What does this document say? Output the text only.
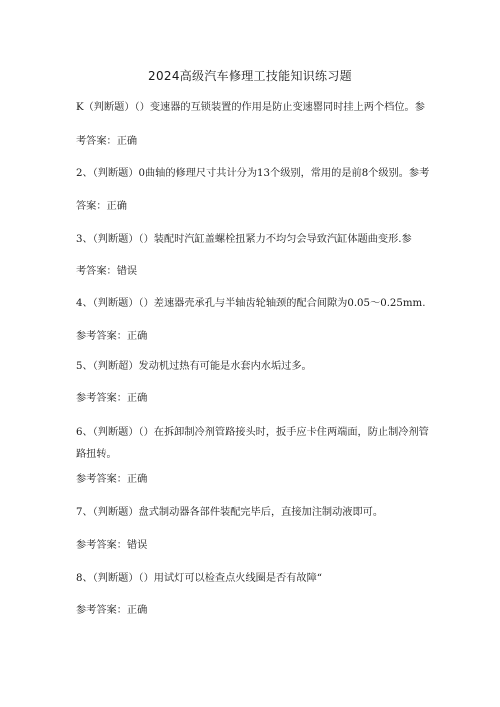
2024高级汽车修理工技能知识练习题
K（判断题）（）变速器的互锁装置的作用是防止变速罂同时挂上两个档位。参
考答案：正确
2、（判断题）0曲轴的修理尺寸共计分为13个级别，常用的是前8个级别。参考
答案：正确
3、（判断题）（）装配时汽缸盖螺栓扭紧力不均匀会导致汽缸体题曲变形.参
考答案：错误
4、（判断题）（）差速器壳承孔与半轴齿轮轴颈的配合间隙为0.05～0.25mm.
参考答案：正确
5、（判断超）发动机过热有可能是水套内水垢过多。
参考答案：正确
6、（判断题）（）在拆卸制冷剂管路接头时，扳手应卡住两端面，防止制冷剂管路扭转。
参考答案：正确
7、（判断题）盘式制动器各部件装配完毕后，直接加注制动液即可。
参考答案：错误
8、（判断题）（）用试灯可以检查点火线圈是否有故障“
参考答案：正确
